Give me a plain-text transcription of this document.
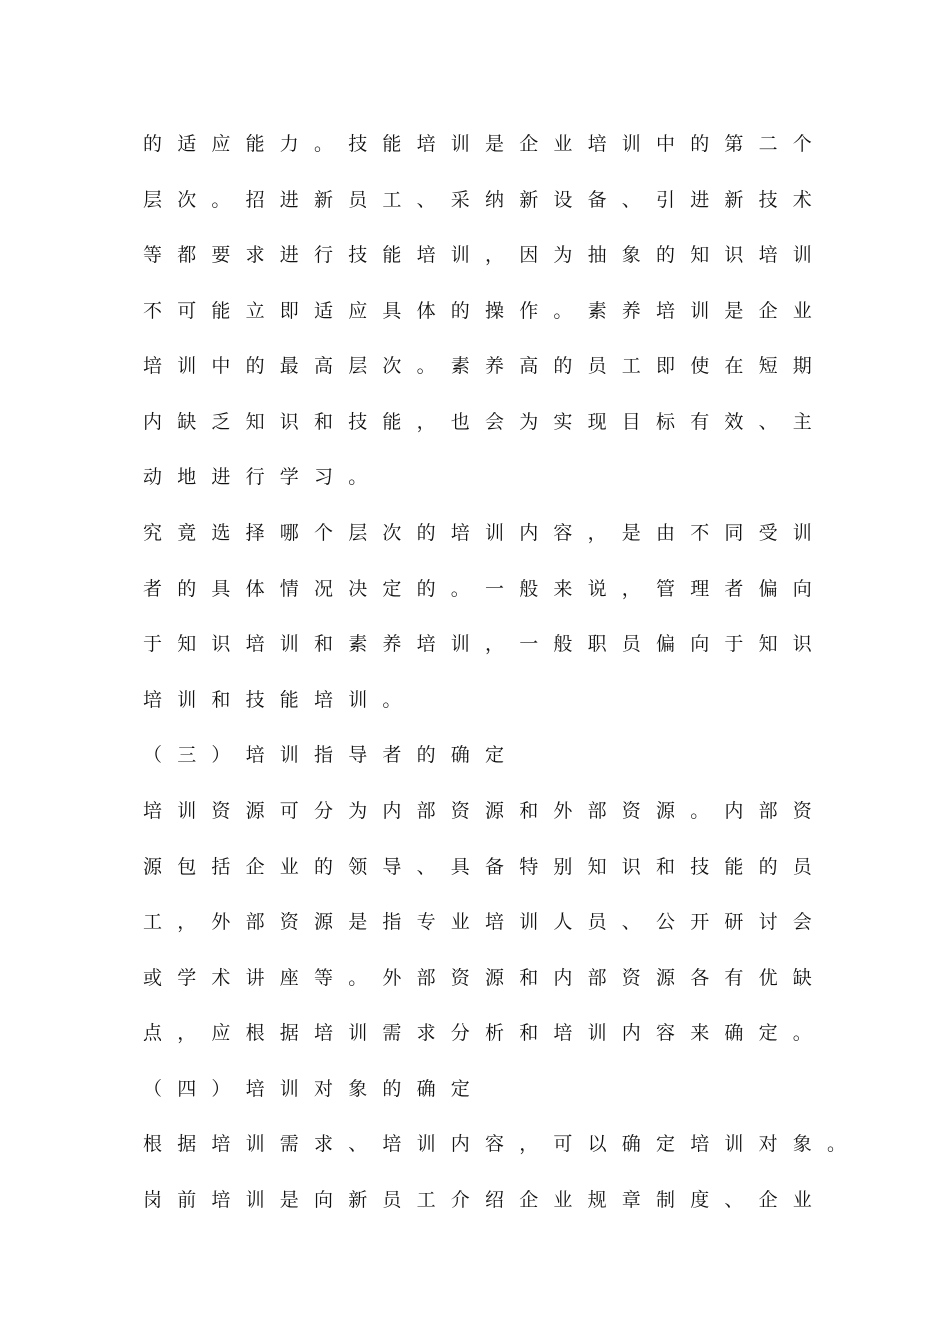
的适应能力。技能培训是企业培训中的第二个

层次。招进新员工、采纳新设备、引进新技术

等都要求进行技能培训，因为抽象的知识培训

不可能立即适应具体的操作。素养培训是企业

培训中的最高层次。素养高的员工即使在短期

内缺乏知识和技能，也会为实现目标有效、主

动地进行学习。

究竟选择哪个层次的培训内容，是由不同受训

者的具体情况决定的。一般来说，管理者偏向

于知识培训和素养培训，一般职员偏向于知识

培训和技能培训。

（三）培训指导者的确定

培训资源可分为内部资源和外部资源。内部资

源包括企业的领导、具备特别知识和技能的员

工，外部资源是指专业培训人员、公开研讨会

或学术讲座等。外部资源和内部资源各有优缺

点，应根据培训需求分析和培训内容来确定。

（四）培训对象的确定

根据培训需求、培训内容，可以确定培训对象。

岗前培训是向新员工介绍企业规章制度、企业
